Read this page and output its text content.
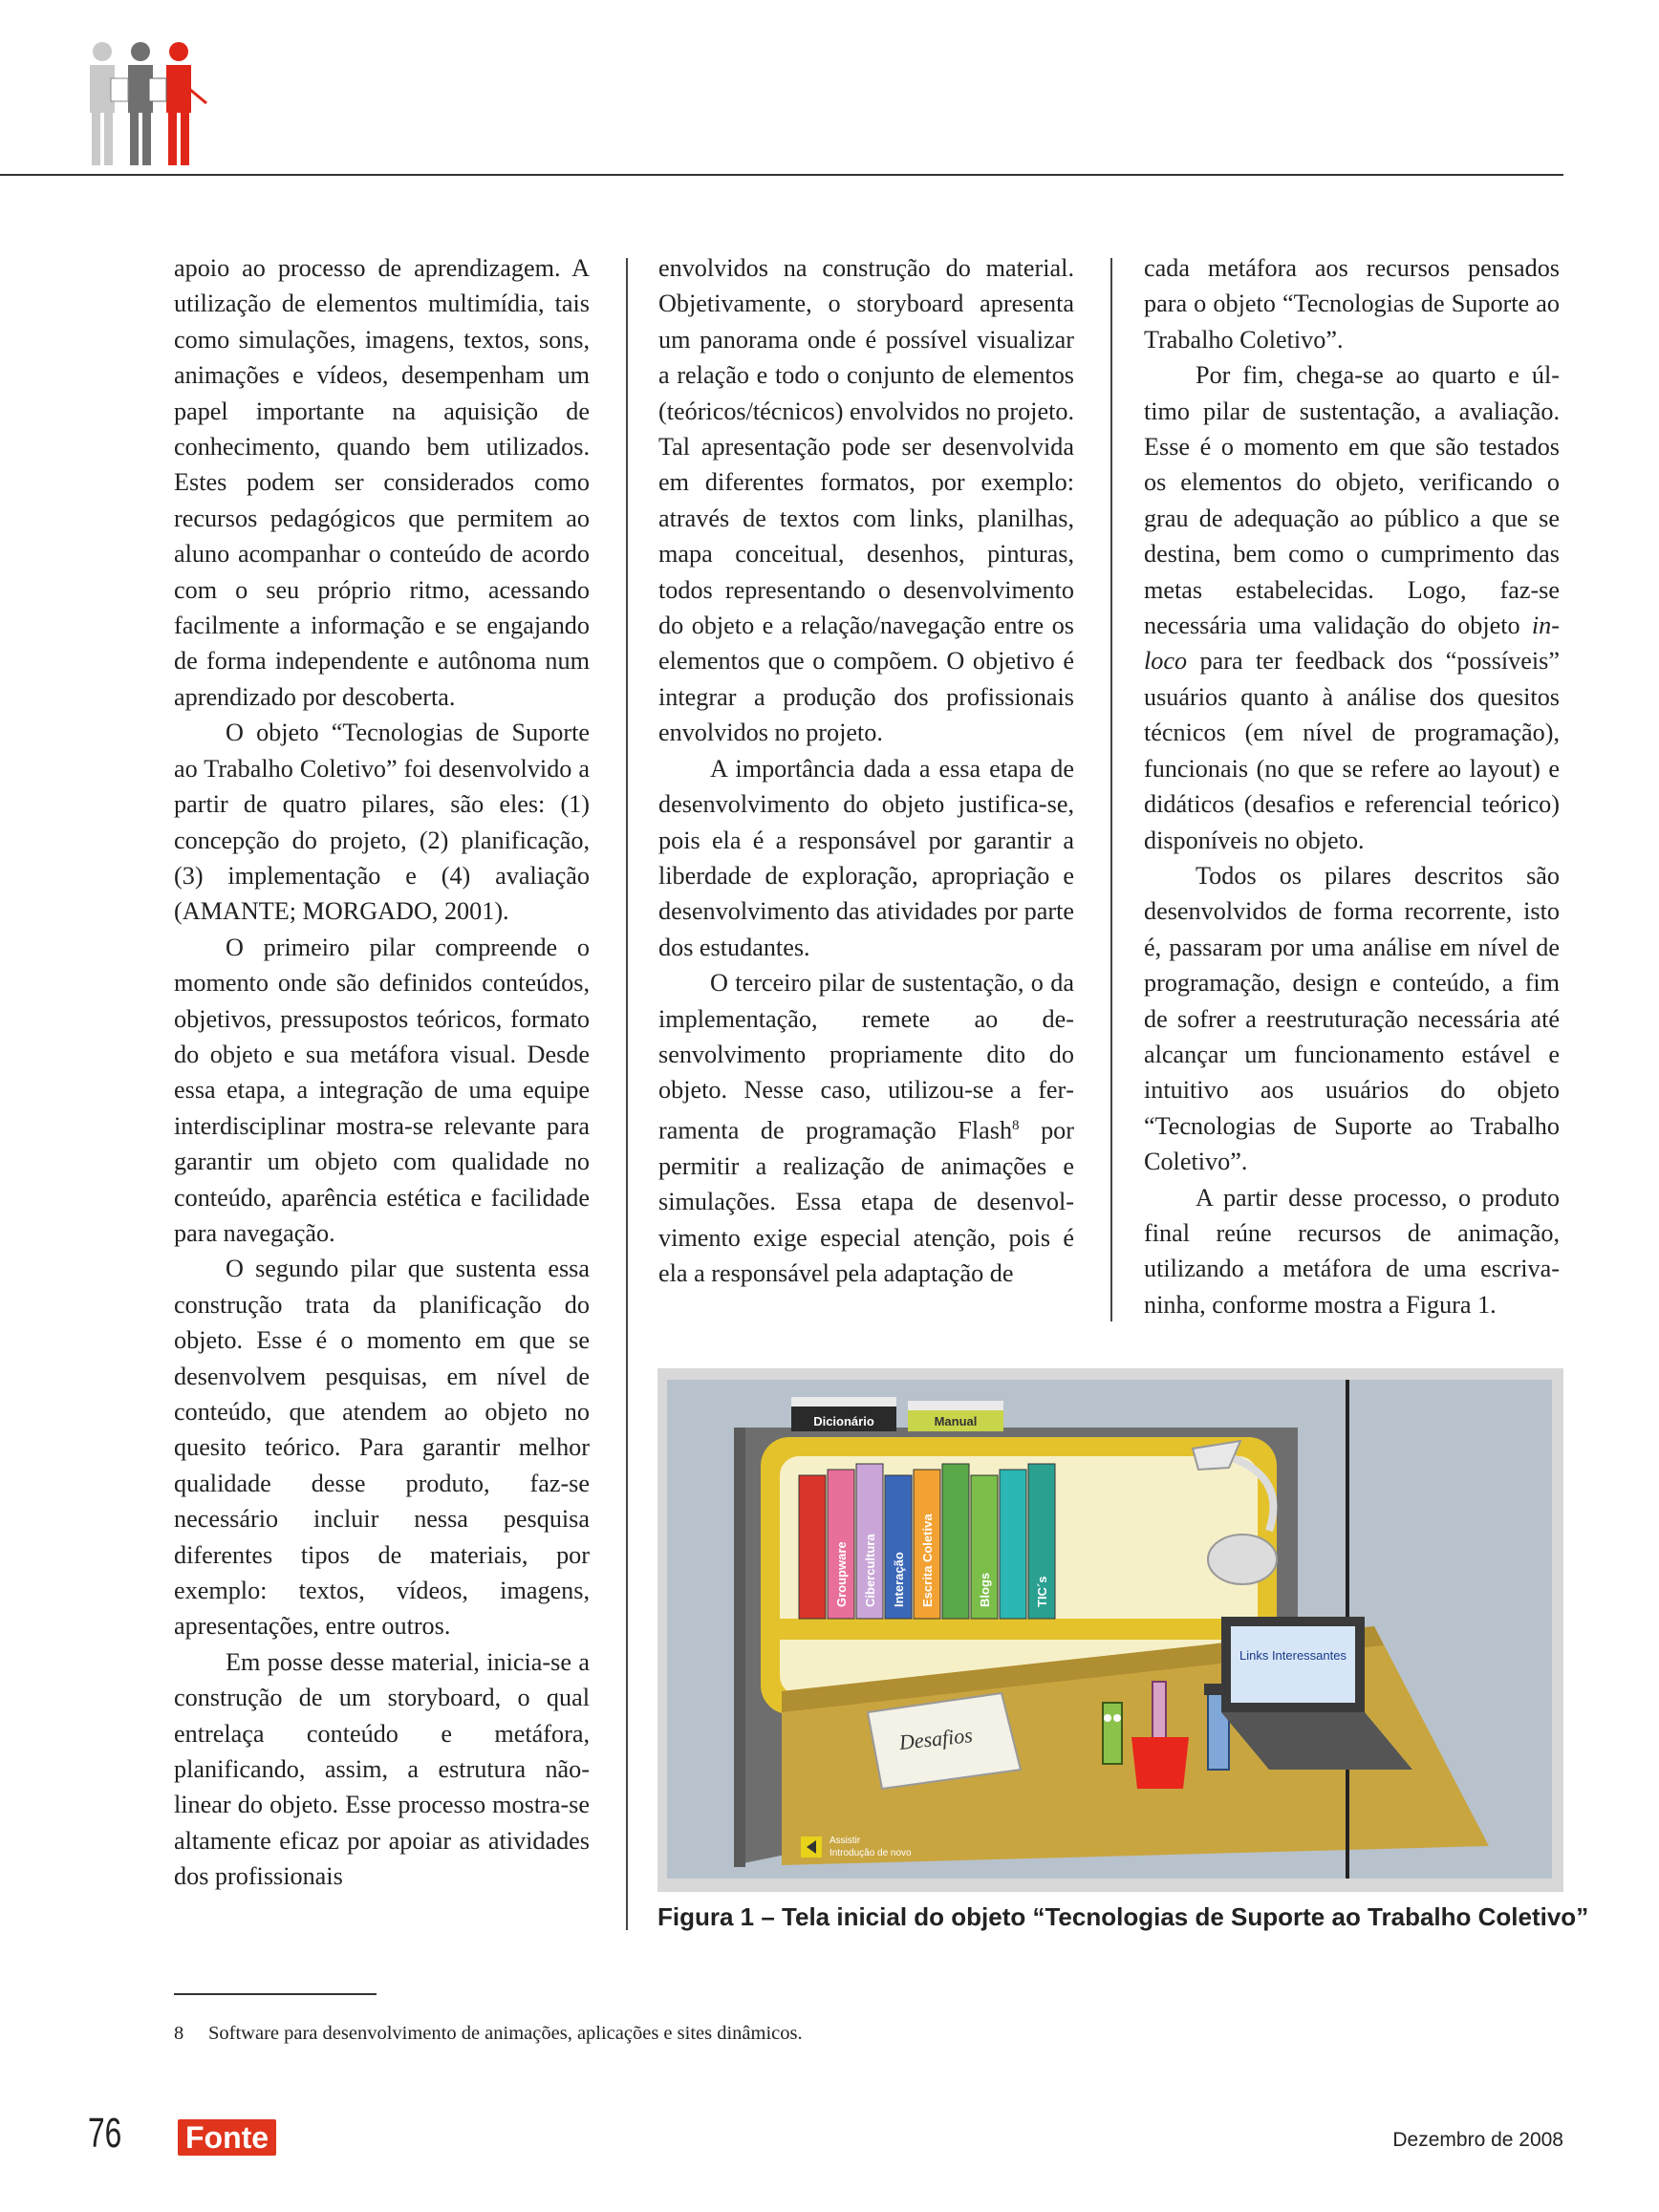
apoio ao processo de aprendizagem. A utilização de elementos multimídia, tais como simulações, imagens, textos, sons, animações e vídeos, desempenham um papel importante na aquisição de conhecimento, quando bem utilizados. Estes podem ser considerados como recursos pedagógicos que permitem ao aluno acompanhar o conteúdo de acordo com o seu próprio ritmo, acessando facilmente a informação e se engajando de forma independente e autônoma num aprendizado por descoberta.

O objeto “Tecnologias de Suporte ao Trabalho Coletivo” foi desenvolvido a partir de quatro pilares, são eles: (1) concepção do projeto, (2) planificação, (3) implementação e (4) avaliação (AMANTE; MORGADO, 2001).

O primeiro pilar compreende o momento onde são definidos conteúdos, objetivos, pressupostos teóricos, formato do objeto e sua metáfora visual. Desde essa etapa, a integração de uma equipe interdisciplinar mostra-se relevante para garantir um objeto com qualidade no conteúdo, aparência estética e facilidade para navegação.

O segundo pilar que sustenta essa construção trata da planificação do objeto. Esse é o momento em que se desenvolvem pesquisas, em nível de conteúdo, que atendem ao objeto no quesito teórico. Para garantir melhor qualidade desse produto, faz-se necessário incluir nessa pesquisa diferentes tipos de materiais, por exemplo: textos, vídeos, imagens, apresentações, entre outros.

Em posse desse material, inicia-se a construção de um storyboard, o qual entrelaça conteúdo e metáfora, planificando, assim, a estrutura não-linear do objeto. Esse processo mostra-se altamente eficaz por apoiar as atividades dos profissionais

envolvidos na construção do material. Objetivamente, o storyboard apresenta um panorama onde é possível visualizar a relação e todo o conjunto de elementos (teóricos/técnicos) envolvidos no projeto. Tal apresentação pode ser desenvolvida em diferentes formatos, por exemplo: através de textos com links, planilhas, mapa conceitual, desenhos, pinturas, todos representando o desenvolvimento do objeto e a relação/navegação entre os elementos que o compõem. O objetivo é integrar a produção dos profissionais envolvidos no projeto.

A importância dada a essa etapa de desenvolvimento do objeto justifica-se, pois ela é a responsável por garantir a liberdade de exploração, apropriação e desenvolvimento das atividades por parte dos estudantes.

O terceiro pilar de sustentação, o da implementação, remete ao desenvolvimento propriamente dito do objeto. Nesse caso, utilizou-se a ferramenta de programação Flash$^8$ por permitir a realização de animações e simulações. Essa etapa de desenvolvimento exige especial atenção, pois é ela a responsável pela adaptação de

cada metáfora aos recursos pensados para o objeto “Tecnologias de Suporte ao Trabalho Coletivo”.

Por fim, chega-se ao quarto e último pilar de sustentação, a avaliação. Esse é o momento em que são testados os elementos do objeto, verificando o grau de adequação ao público a que se destina, bem como o cumprimento das metas estabelecidas. Logo, faz-se necessária uma validação do objeto in-loco para ter feedback dos “possíveis” usuários quanto à análise dos quesitos técnicos (em nível de programação), funcionais (no que se refere ao layout) e didáticos (desafios e referencial teórico) disponíveis no objeto.

Todos os pilares descritos são desenvolvidos de forma recorrente, isto é, passaram por uma análise em nível de programação, design e conteúdo, a fim de sofrer a reestruturação necessária até alcançar um funcionamento estável e intuitivo aos usuários do objeto “Tecnologias de Suporte ao Trabalho Coletivo”.

A partir desse processo, o produto final reúne recursos de animação, utilizando a metáfora de uma escrivaninha, conforme mostra a Figura 1.

Dicionário	Manual
Groupware Cibercultura Interação Escrita Coletiva	Blogs	TIC´s
Desafios
Links Interessantes
Assistir
Introdução de novo
Figura 1 – Tela inicial do objeto “Tecnologias de Suporte ao Trabalho Coletivo”
8 Software para desenvolvimento de animações, aplicações e sites dinâmicos.
76 Fonte	Dezembro de 2008
